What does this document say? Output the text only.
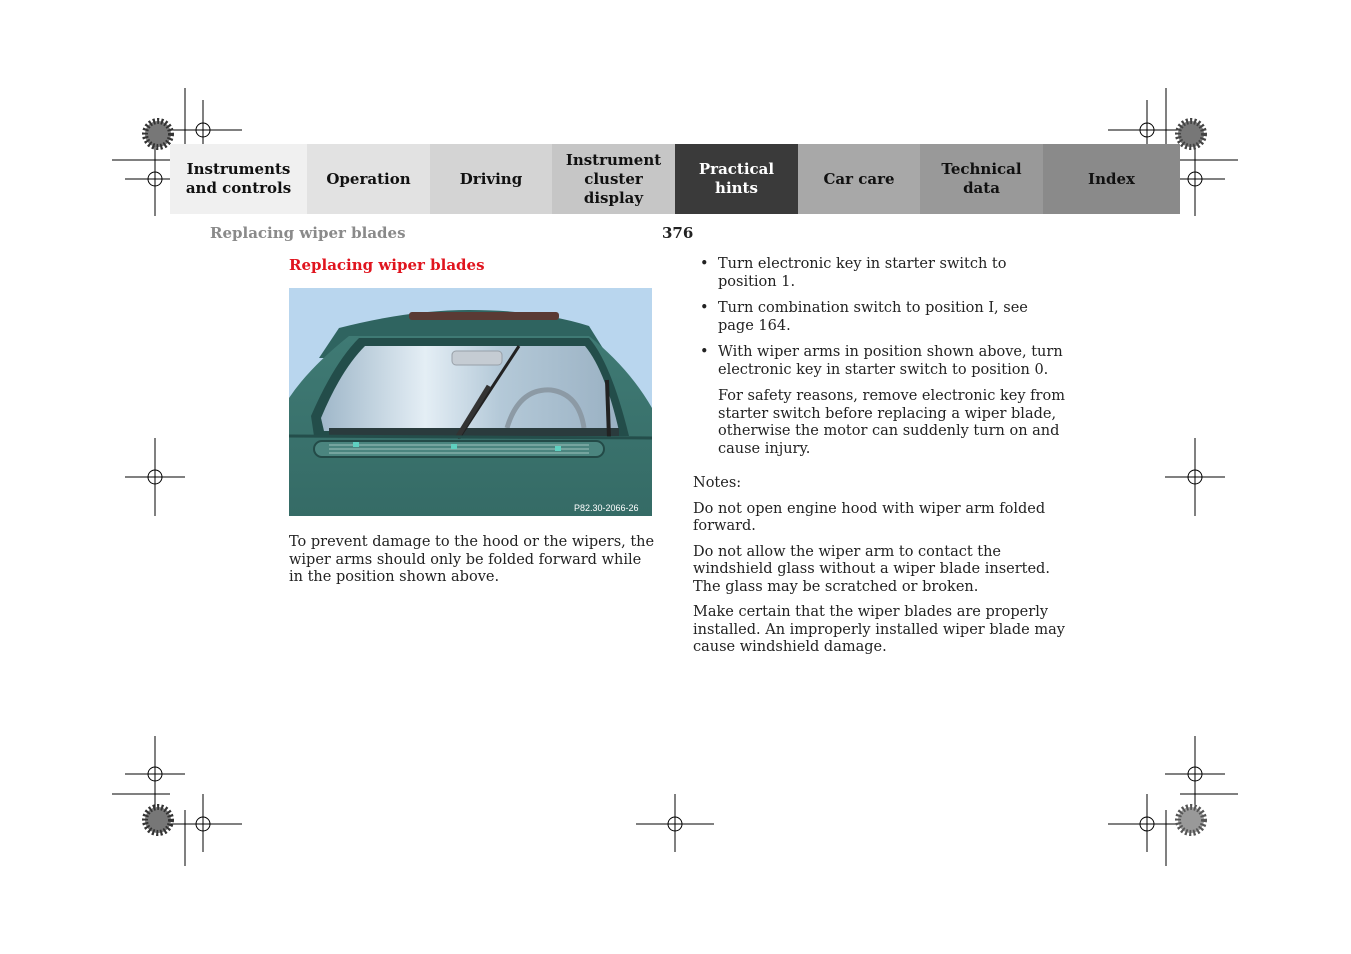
Instruments
and controls
Operation	Driving
Instrument
cluster display
Practical hints
Car care
Technical
data
Index
Replacing wiper blades	376
Replacing wiper blades
P82.30-2066-26
To prevent damage to the hood or the wipers, the wiper arms should only be folded forward while in the position shown above.
• Turn electronic key in starter switch to position 1.
• Turn combination switch to position I, see page 164.
• With wiper arms in position shown above, turn electronic key in starter switch to position 0.
For safety reasons, remove electronic key from starter switch before replacing a wiper blade, otherwise the motor can suddenly turn on and cause injury.
Notes:
Do not open engine hood with wiper arm folded forward.
Do not allow the wiper arm to contact the windshield glass without a wiper blade inserted. The glass may be scratched or broken.
Make certain that the wiper blades are properly installed. An improperly installed wiper blade may cause windshield damage.
